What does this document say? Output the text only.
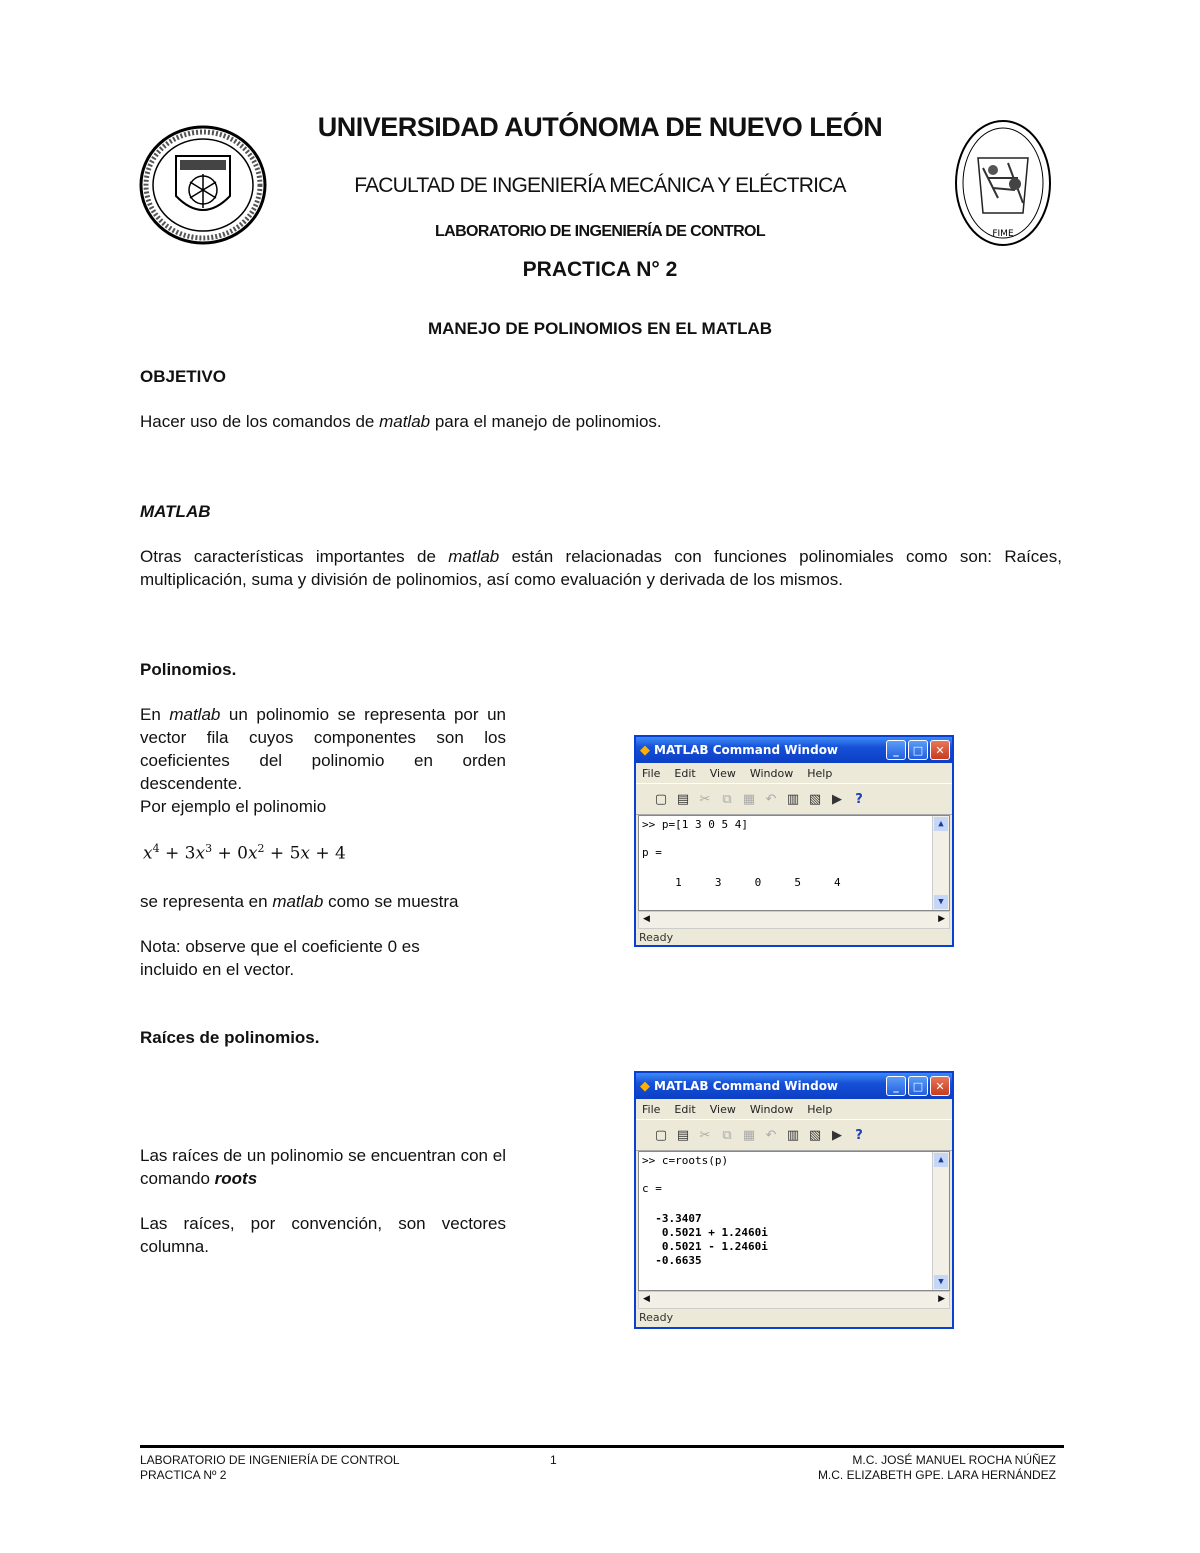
FIME
UNIVERSIDAD AUTÓNOMA DE NUEVO LEÓN
FACULTAD DE INGENIERÍA MECÁNICA Y ELÉCTRICA
LABORATORIO DE INGENIERÍA DE CONTROL
PRACTICA N° 2
MANEJO DE POLINOMIOS EN EL MATLAB
OBJETIVO
Hacer uso de los comandos de matlab para el manejo de polinomios.
MATLAB
Otras características importantes de matlab están relacionadas con funciones polinomiales como son: Raíces, multiplicación, suma y división de polinomios, así como evaluación y derivada de los mismos.
Polinomios.
En matlab un polinomio se representa por un vector fila cuyos componentes son los coeficientes del polinomio en orden descendente.
Por ejemplo el polinomio
$x^4 + 3x^3 + 0x^2 + 5x + 4$
se representa en matlab como se muestra
Nota: observe que el coeficiente 0 es incluido en el vector.
Raíces de polinomios.
Las raíces de un polinomio se encuentran con el comando roots
Las raíces, por convención, son vectores columna.
◆ MATLAB Command Window	_	□	✕
File Edit View Window Help
▢ ▤ ✂ ⧉ ▦ ↶ ▥ ▧ ▶	?
>> p=[1 3 0 5 4]
p =
1     3     0     5     4
▲
▼
◀	▶
Ready
◆ MATLAB Command Window	_	□	✕
File Edit View Window Help
▢ ▤ ✂ ⧉ ▦ ↶ ▥ ▧ ▶	?
>> c=roots(p)
c =
-3.3407
0.5021 + 1.2460i
0.5021 - 1.2460i
-0.6635
▲
▼
◀	▶
Ready
LABORATORIO DE INGENIERÍA DE CONTROL
PRACTICA Nº 2
1	M.C. JOSÉ MANUEL ROCHA NÚÑEZ
M.C. ELIZABETH GPE. LARA HERNÁNDEZ
